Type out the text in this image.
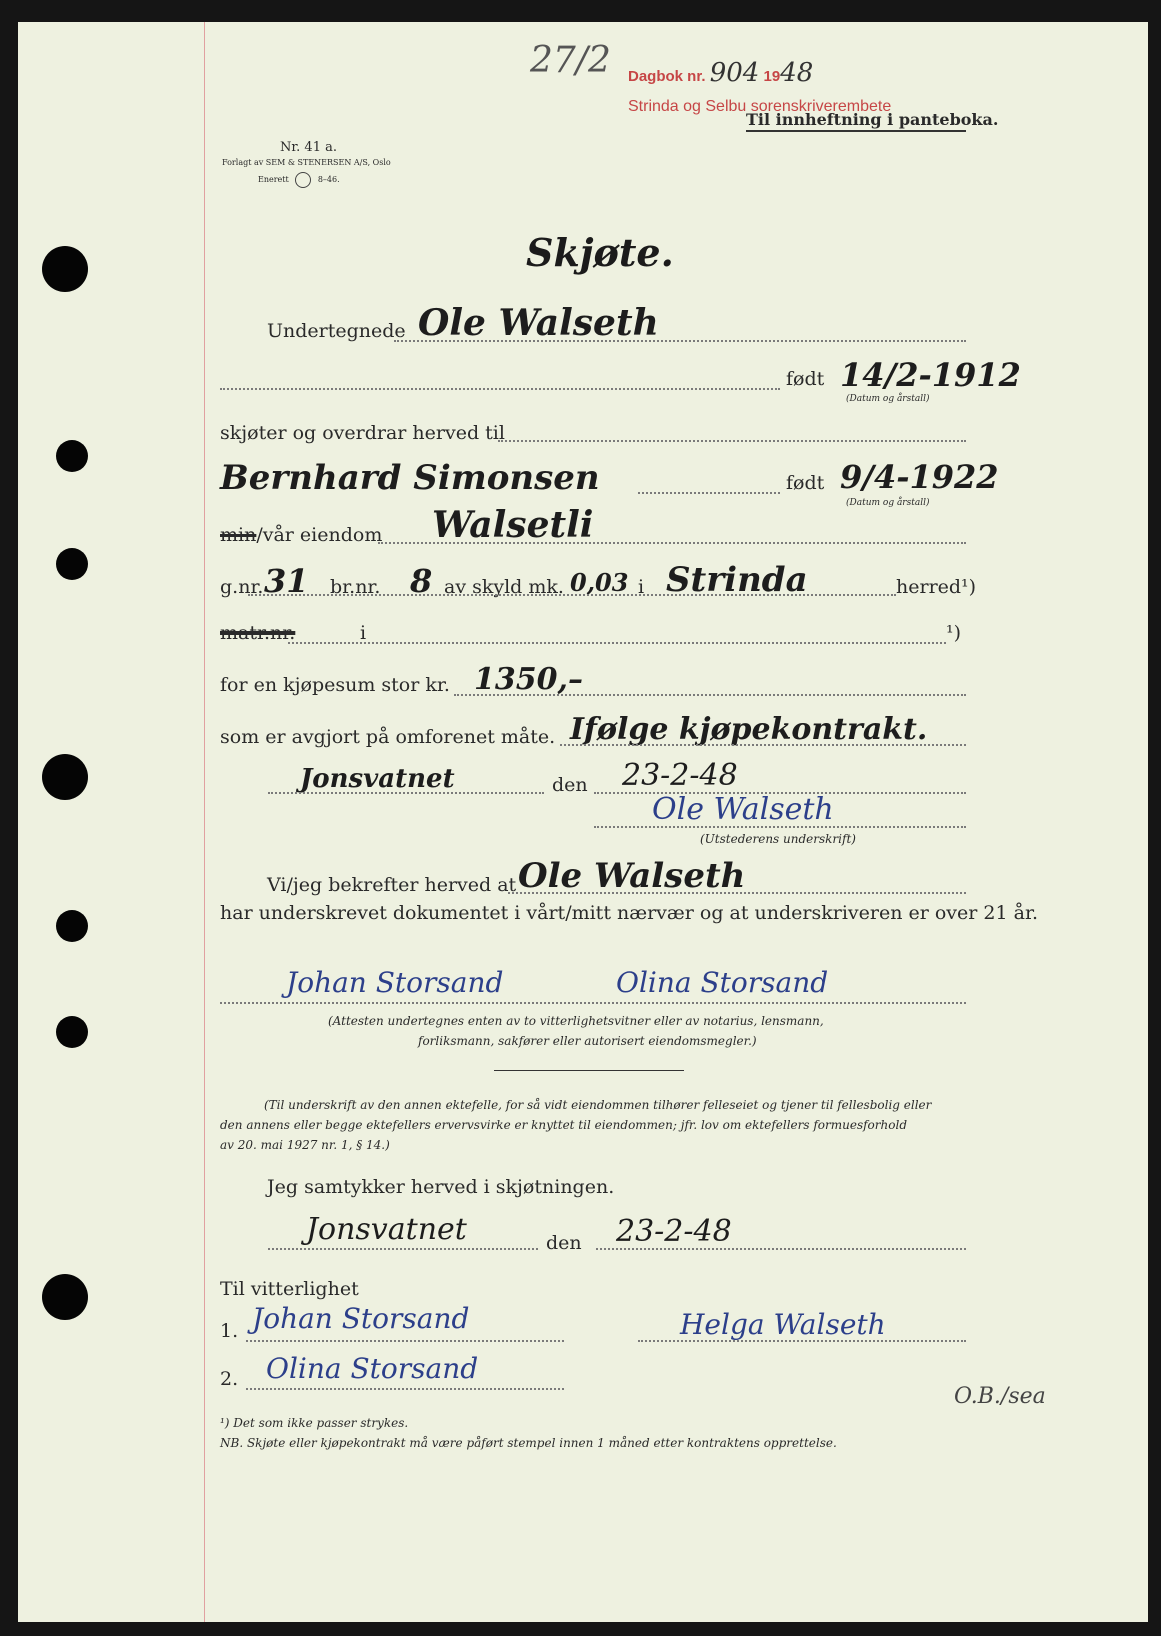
27/2 Dagbok nr. 904 1948
Strinda og Selbu sorenskriverembete
Til innheftning i panteboka.
Nr. 41 a.
Forlagt av SEM & STENERSEN A/S, Oslo
Enerett	8–46.
Skjøte.
Undertegnede Ole Walseth
født 14/2-1912
(Datum og årstall)
skjøter og overdrar herved til
Bernhard Simonsen	født 9/4-1922
(Datum og årstall)
min/vår eiendom Walsetli
g.nr. 31 br.nr. 8 av skyld mk. 0,03 i Strinda	herred¹)
matr.nr.	i	¹)
for en kjøpesum stor kr. 1350,–
som er avgjort på omforenet måte. Ifølge kjøpekontrakt.
Jonsvatnet	den 23-2-48
Ole Walseth
(Utstederens underskrift)
Vi/jeg bekrefter herved at Ole Walseth
har underskrevet dokumentet i vårt/mitt nærvær og at underskriveren er over 21 år.
Johan Storsand	Olina Storsand
(Attesten undertegnes enten av to vitterlighetsvitner eller av notarius, lensmann,
forliksmann, sakfører eller autorisert eiendomsmegler.)
(Til underskrift av den annen ektefelle, for så vidt eiendommen tilhører felleseiet og tjener til fellesbolig eller
den annens eller begge ektefellers ervervsvirke er knyttet til eiendommen; jfr. lov om ektefellers formuesforhold
av 20. mai 1927 nr. 1, § 14.)
Jeg samtykker herved i skjøtningen.
Jonsvatnet	den 23-2-48
Til vitterlighet
1. Johan Storsand	Helga Walseth
2. Olina Storsand
O.B./sea
¹) Det som ikke passer strykes.
NB. Skjøte eller kjøpekontrakt må være påført stempel innen 1 måned etter kontraktens opprettelse.
